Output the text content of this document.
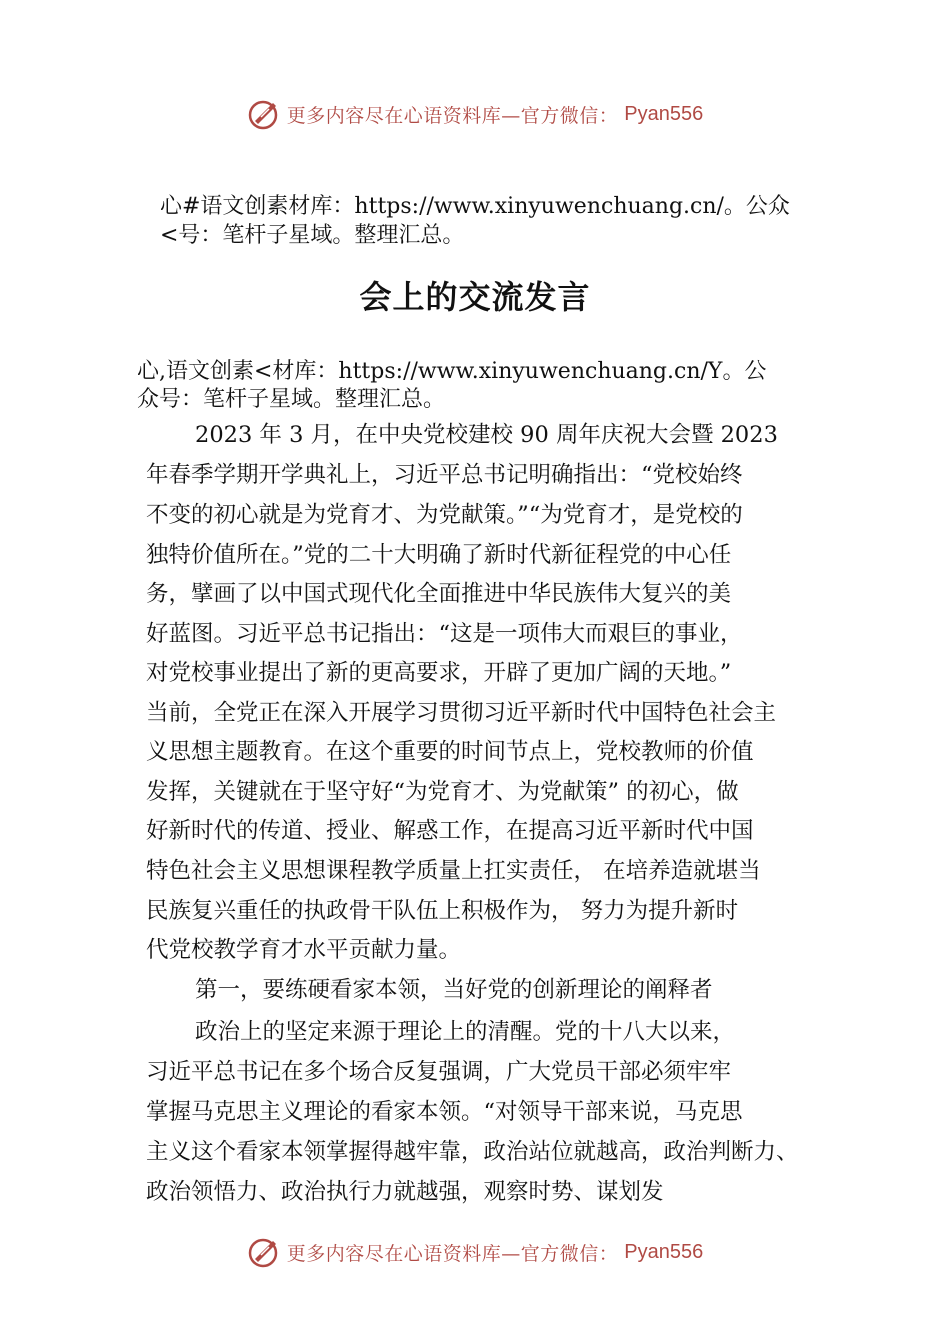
更多内容尽在心语资料库—官方微信： Pyan556
心#语文创素材库：https://www.xinyuwenchuang.cn/。公众
<号：笔杆子星域。整理汇总。
会上的交流发言
心,语文创素<材库：https://www.xinyuwenchuang.cn/Y。公
众号：笔杆子星域。整理汇总。
2023 年 3 月，在中央党校建校 90 周年庆祝大会暨 2023
年春季学期开学典礼上，习近平总书记明确指出：“党校始终
不变的初心就是为党育才、为党献策。”“为党育才，是党校的
独特价值所在。”党的二十大明确了新时代新征程党的中心任
务，擘画了以中国式现代化全面推进中华民族伟大复兴的美
好蓝图。习近平总书记指出：“这是一项伟大而艰巨的事业，
对党校事业提出了新的更高要求，开辟了更加广阔的天地。”
当前，全党正在深入开展学习贯彻习近平新时代中国特色社会主
义思想主题教育。在这个重要的时间节点上，党校教师的价值
发挥，关键就在于坚守好“为党育才、为党献策” 的初心，做
好新时代的传道、授业、解惑工作，在提高习近平新时代中国
特色社会主义思想课程教学质量上扛实责任， 在培养造就堪当
民族复兴重任的执政骨干队伍上积极作为， 努力为提升新时
代党校教学育才水平贡献力量。
第一，要练硬看家本领，当好党的创新理论的阐释者
政治上的坚定来源于理论上的清醒。党的十八大以来，
习近平总书记在多个场合反复强调，广大党员干部必须牢牢
掌握马克思主义理论的看家本领。“对领导干部来说，马克思
主义这个看家本领掌握得越牢靠，政治站位就越高，政治判断力、
政治领悟力、政治执行力就越强，观察时势、谋划发
更多内容尽在心语资料库—官方微信： Pyan556
